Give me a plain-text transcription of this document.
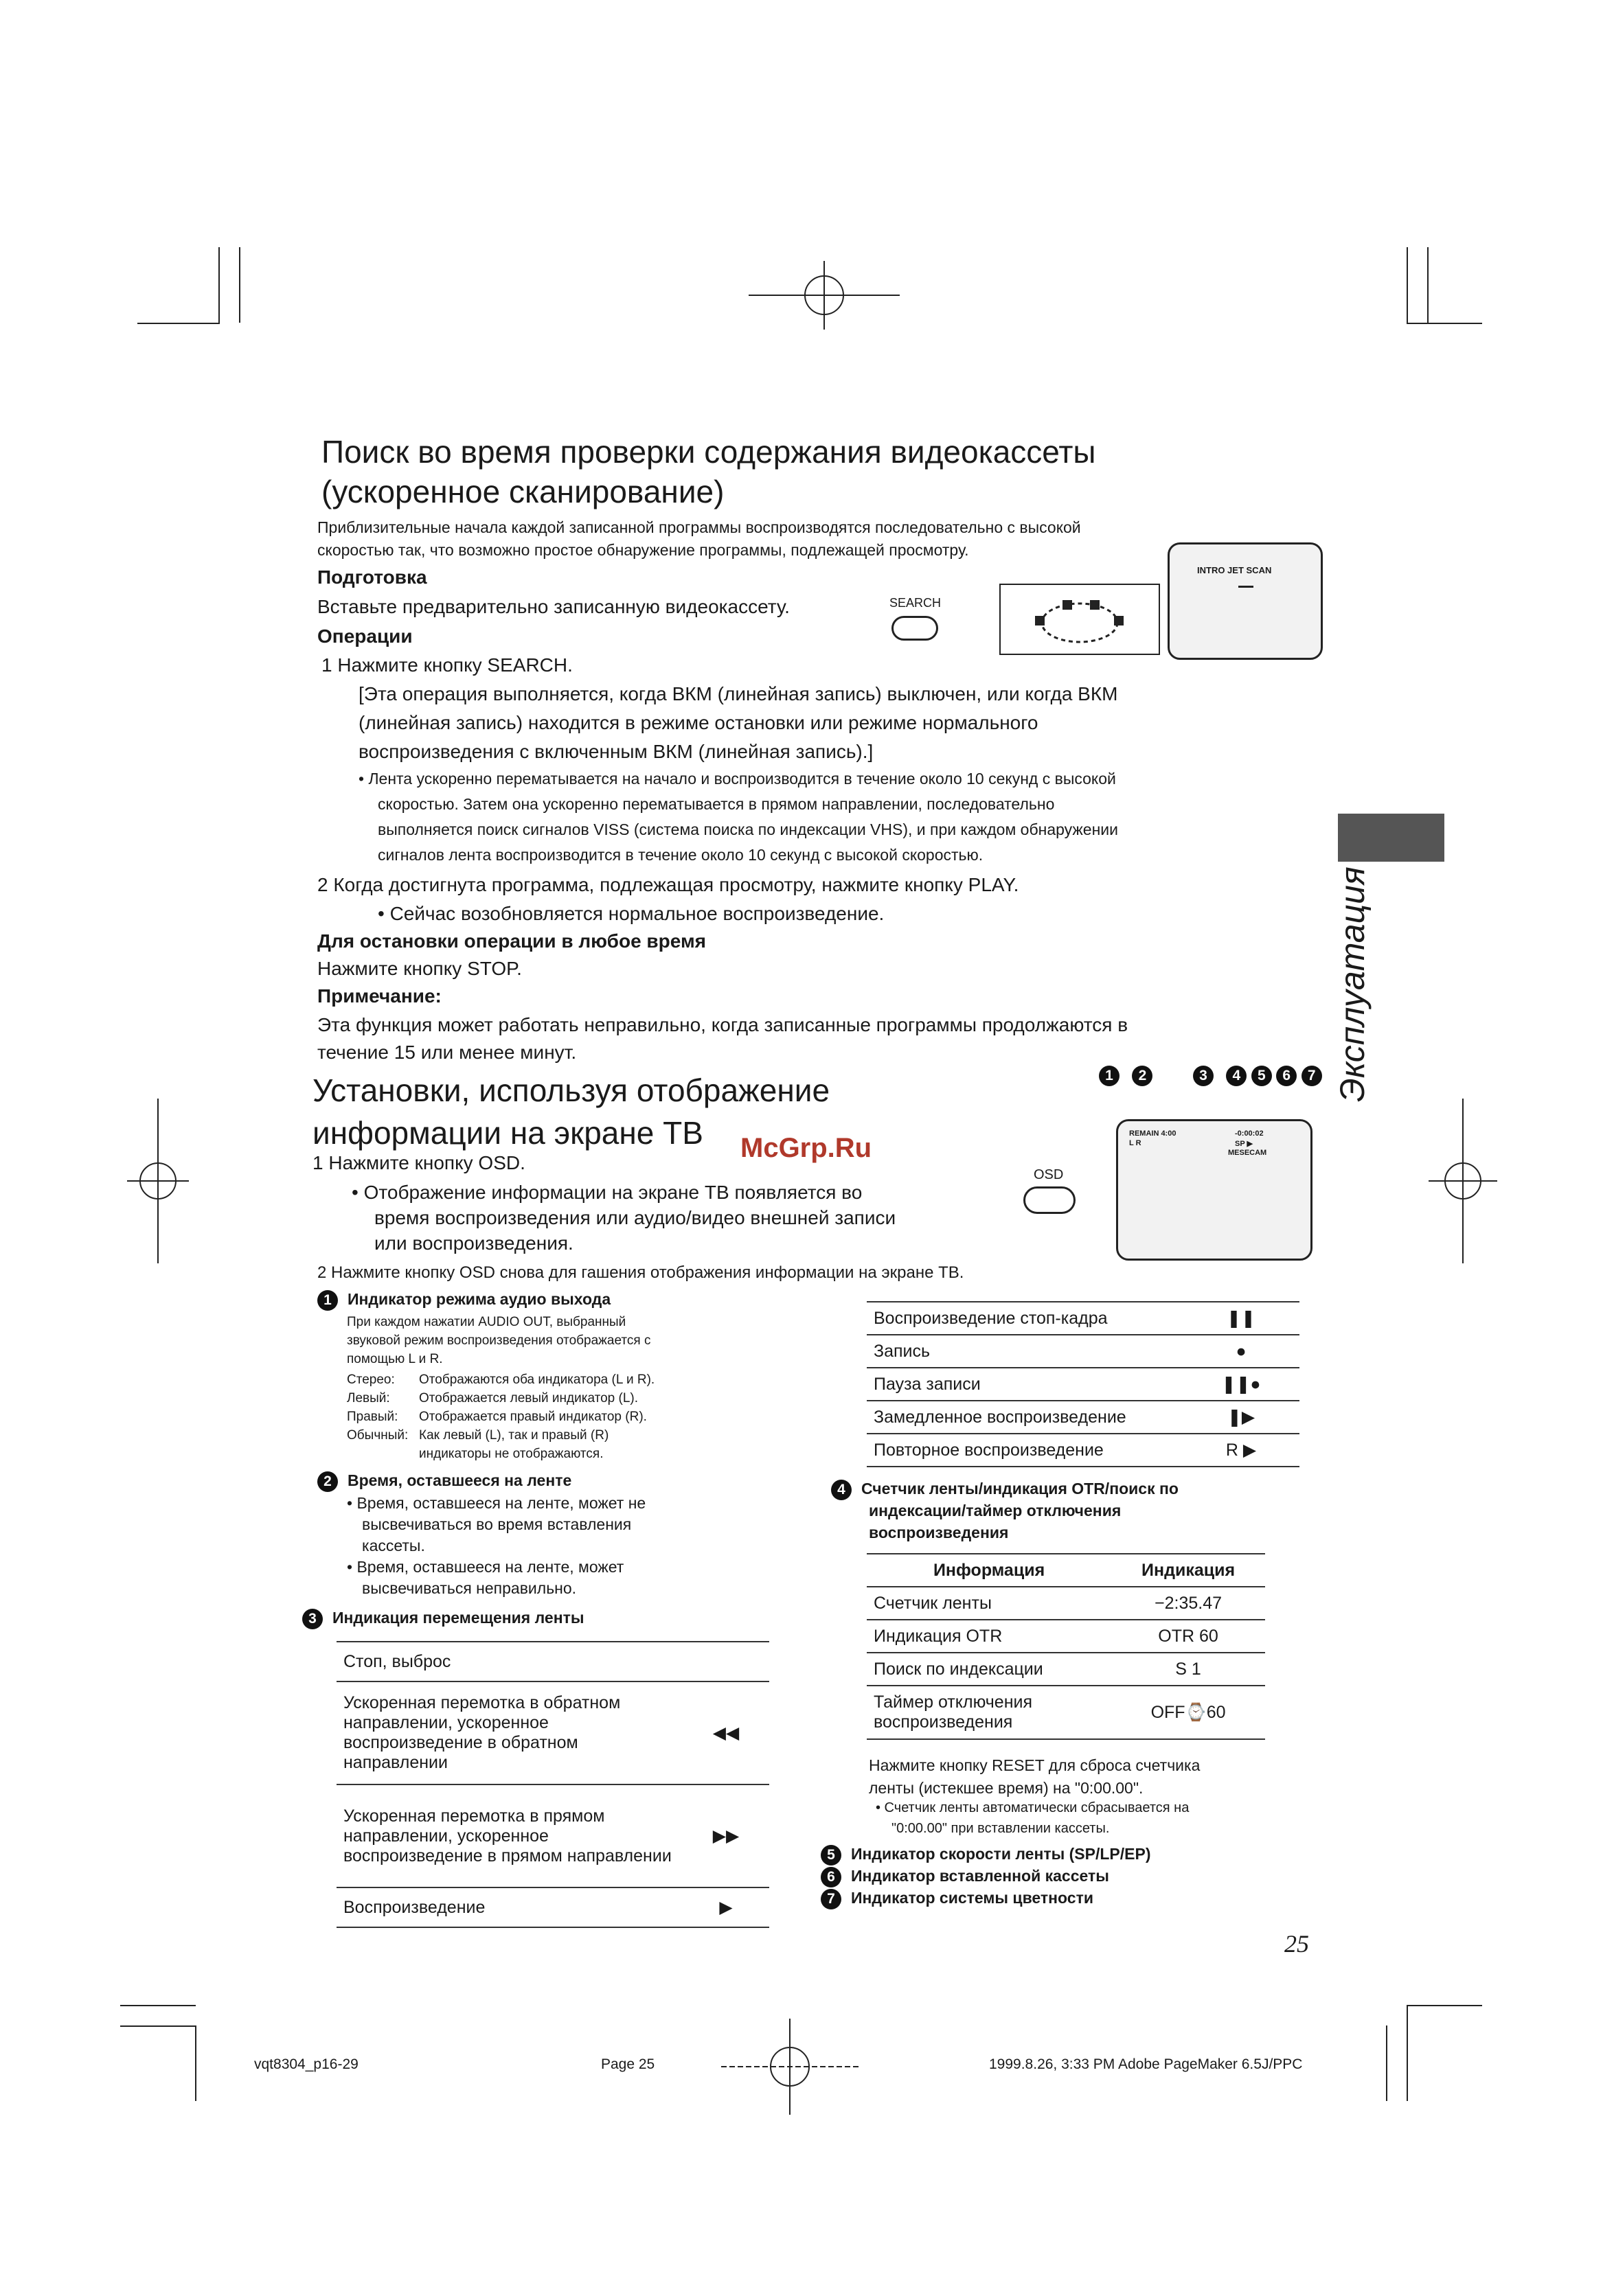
Поиск во время проверки содержания видеокассеты
(ускоренное сканирование)
Приблизительные начала каждой записанной программы воспроизводятся последовательно с высокой
скоростью так, что возможно простое обнаружение программы, подлежащей просмотру.
Подготовка
Вставьте предварительно записанную видеокассету.	SEARCH
Операции
INTRO JET SCAN
1 Нажмите кнопку SEARCH.
[Эта операция выполняется, когда ВКМ (линейная запись) выключен, или когда ВКМ
(линейная запись) находится в режиме остановки или режиме нормального
воспроизведения с включенным ВКМ (линейная запись).]
• Лента ускоренно перематывается на начало и воспроизводится в течение около 10 секунд с высокой
скоростью. Затем она ускоренно перематывается в прямом направлении, последовательно
выполняется поиск сигналов VISS (система поиска по индексации VHS), и при каждом обнаружении
сигналов лента воспроизводится в течение около 10 секунд с высокой скоростью.
2 Когда достигнута программа, подлежащая просмотру, нажмите кнопку PLAY.
• Сейчас возобновляется нормальное воспроизведение.
Для остановки операции в любое время
Нажмите кнопку STOP.
Примечание:
Эта функция может работать неправильно, когда записанные программы продолжаются в
течение 15 или менее минут.	Эксплуатация
Установки, используя отображение
информации на экране ТВ McGrp.Ru
1 Нажмите кнопку OSD.
• Отображение информации на экране ТВ появляется во
время воспроизведения или аудио/видео внешней записи
или воспроизведения.
OSD
1 2	3 4 5 6 7
REMAIN 4:00
L R
-0:00:02
SP ▶
MESECAM
2 Нажмите кнопку OSD снова для гашения отображения информации на экране ТВ.
1 Индикатор режима аудио выхода
При каждом нажатии AUDIO OUT, выбранный
звуковой режим воспроизведения отображается с
помощью L и R.
Стерео: Отображаются оба индикатора (L и R).
Левый: Отображается левый индикатор (L).
Правый: Отображается правый индикатор (R).
Обычный: Как левый (L), так и правый (R)
индикаторы не отображаются.
2 Время, оставшееся на ленте
• Время, оставшееся на ленте, может не
высвечиваться во время вставления
кассеты.
• Время, оставшееся на ленте, может
высвечиваться неправильно.
3 Индикация перемещения ленты
Стоп, выброс	
Ускоренная перемотка в обратном направлении, ускоренное воспроизведение в обратном направлении	◀◀
Ускоренная перемотка в прямом направлении, ускоренное воспроизведение в прямом направлении	▶▶
Воспроизведение	▶
Воспроизведение стоп-кадра	❚❚
Запись	●
Пауза записи	❚❚●
Замедленное воспроизведение	❚▶
Повторное воспроизведение	R ▶
4 Счетчик ленты/индикация OTR/поиск по
индексации/таймер отключения
воспроизведения
Информация	Индикация
Счетчик ленты	−2:35.47
Индикация OTR	OTR 60
Поиск по индексации	S 1
Таймер отключения воспроизведения	OFF⌚60
Нажмите кнопку RESET для сброса счетчика
ленты (истекшее время) на "0:00.00".
• Счетчик ленты автоматически сбрасывается на
"0:00.00" при вставлении кассеты.
5 Индикатор скорости ленты (SP/LP/EP)
6 Индикатор вставленной кассеты
7 Индикатор системы цветности
25
vqt8304_p16-29	Page 25	1999.8.26, 3:33 PM Adobe PageMaker 6.5J/PPC
